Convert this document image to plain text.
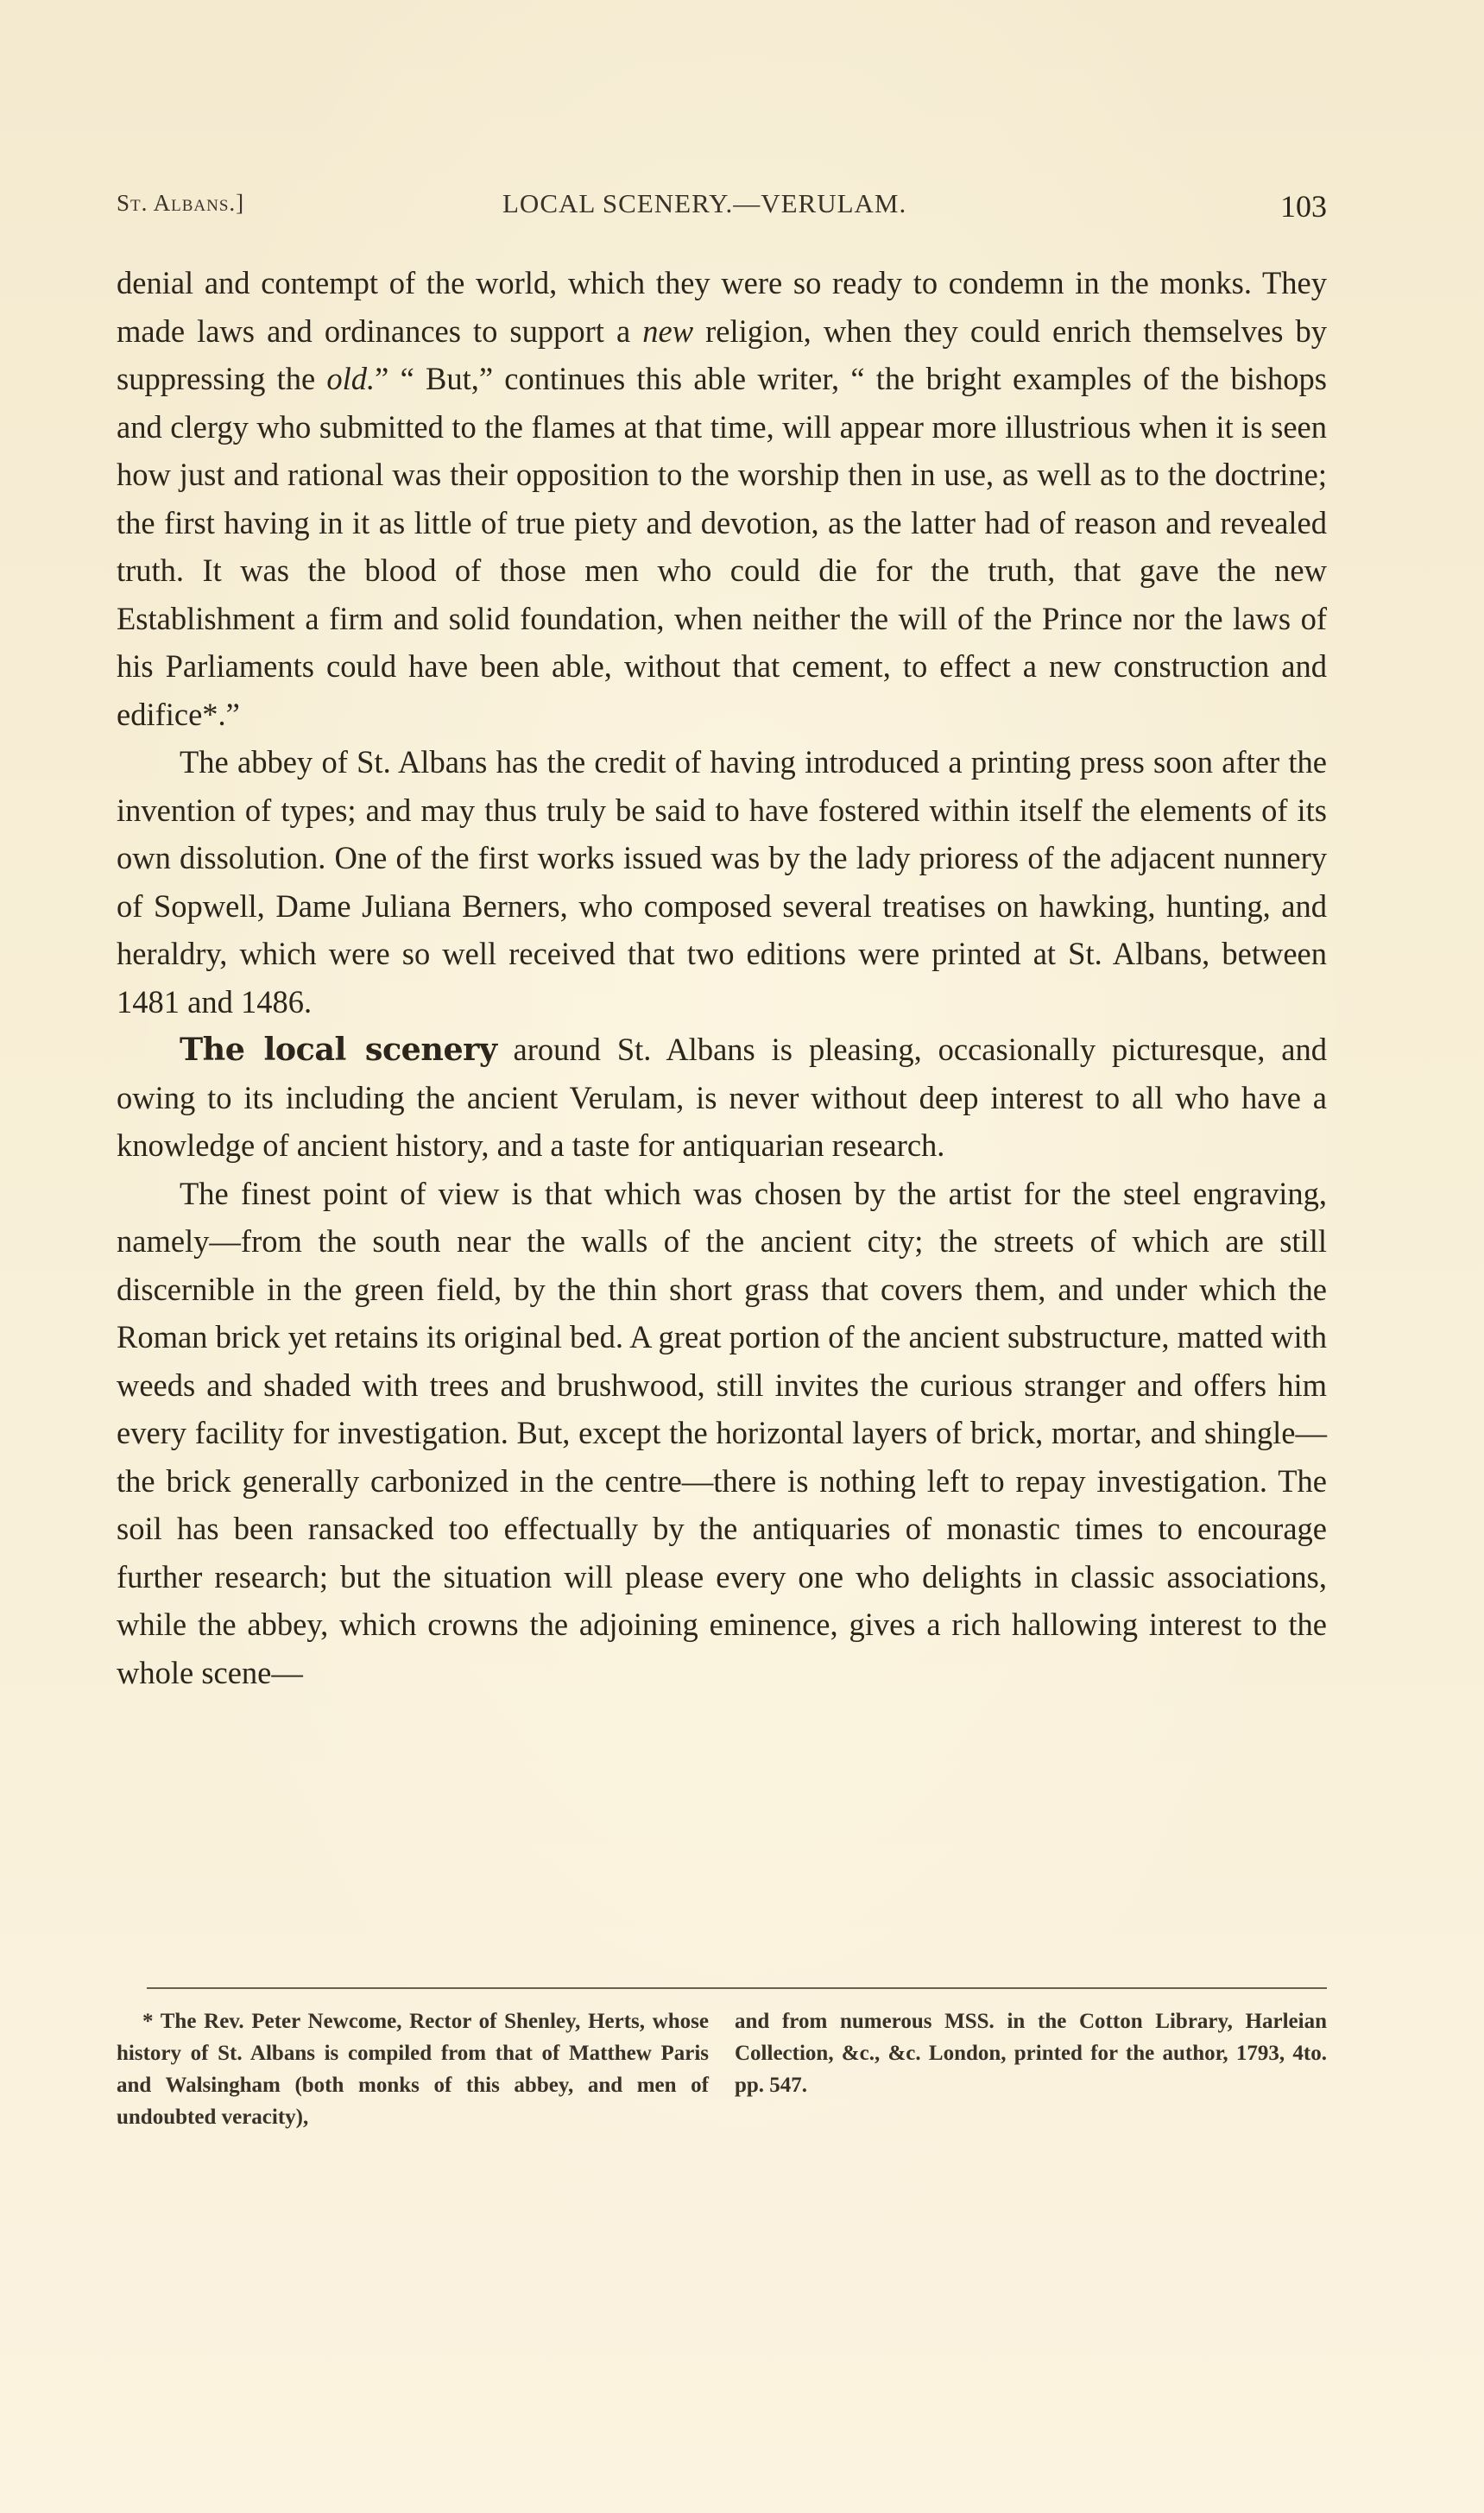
St. Albans.]	LOCAL SCENERY.—VERULAM.	103

denial and contempt of the world, which they were so ready to condemn in the monks. They made laws and ordinances to support a new religion, when they could enrich themselves by suppressing the old.” “ But,” continues this able writer, “ the bright examples of the bishops and clergy who submitted to the flames at that time, will appear more illustrious when it is seen how just and rational was their opposition to the worship then in use, as well as to the doctrine; the first having in it as little of true piety and devotion, as the latter had of reason and revealed truth. It was the blood of those men who could die for the truth, that gave the new Establishment a firm and solid foundation, when neither the will of the Prince nor the laws of his Parliaments could have been able, without that cement, to effect a new construction and edifice*.”

The abbey of St. Albans has the credit of having introduced a printing press soon after the invention of types; and may thus truly be said to have fostered within itself the elements of its own dissolution. One of the first works issued was by the lady prioress of the adjacent nunnery of Sopwell, Dame Juliana Berners, who composed several treatises on hawking, hunting, and heraldry, which were so well received that two editions were printed at St. Albans, between 1481 and 1486.

The local scenery around St. Albans is pleasing, occasionally picturesque, and owing to its including the ancient Verulam, is never without deep interest to all who have a knowledge of ancient history, and a taste for antiquarian research.

The finest point of view is that which was chosen by the artist for the steel engraving, namely—from the south near the walls of the ancient city; the streets of which are still discernible in the green field, by the thin short grass that covers them, and under which the Roman brick yet retains its original bed. A great portion of the ancient substructure, matted with weeds and shaded with trees and brushwood, still invites the curious stranger and offers him every facility for investigation. But, except the horizontal layers of brick, mortar, and shingle—the brick generally carbonized in the centre—there is nothing left to repay investigation. The soil has been ransacked too effectually by the antiquaries of monastic times to encourage further research; but the situation will please every one who delights in classic associations, while the abbey, which crowns the adjoining eminence, gives a rich hallowing interest to the whole scene—

* The Rev. Peter Newcome, Rector of Shenley, Herts, whose history of St. Albans is compiled from that of Matthew Paris and Walsingham (both monks of this abbey, and men of undoubted veracity),
and from numerous MSS. in the Cotton Library, Harleian Collection, &c., &c. London, printed for the author, 1793, 4to. pp. 547.
